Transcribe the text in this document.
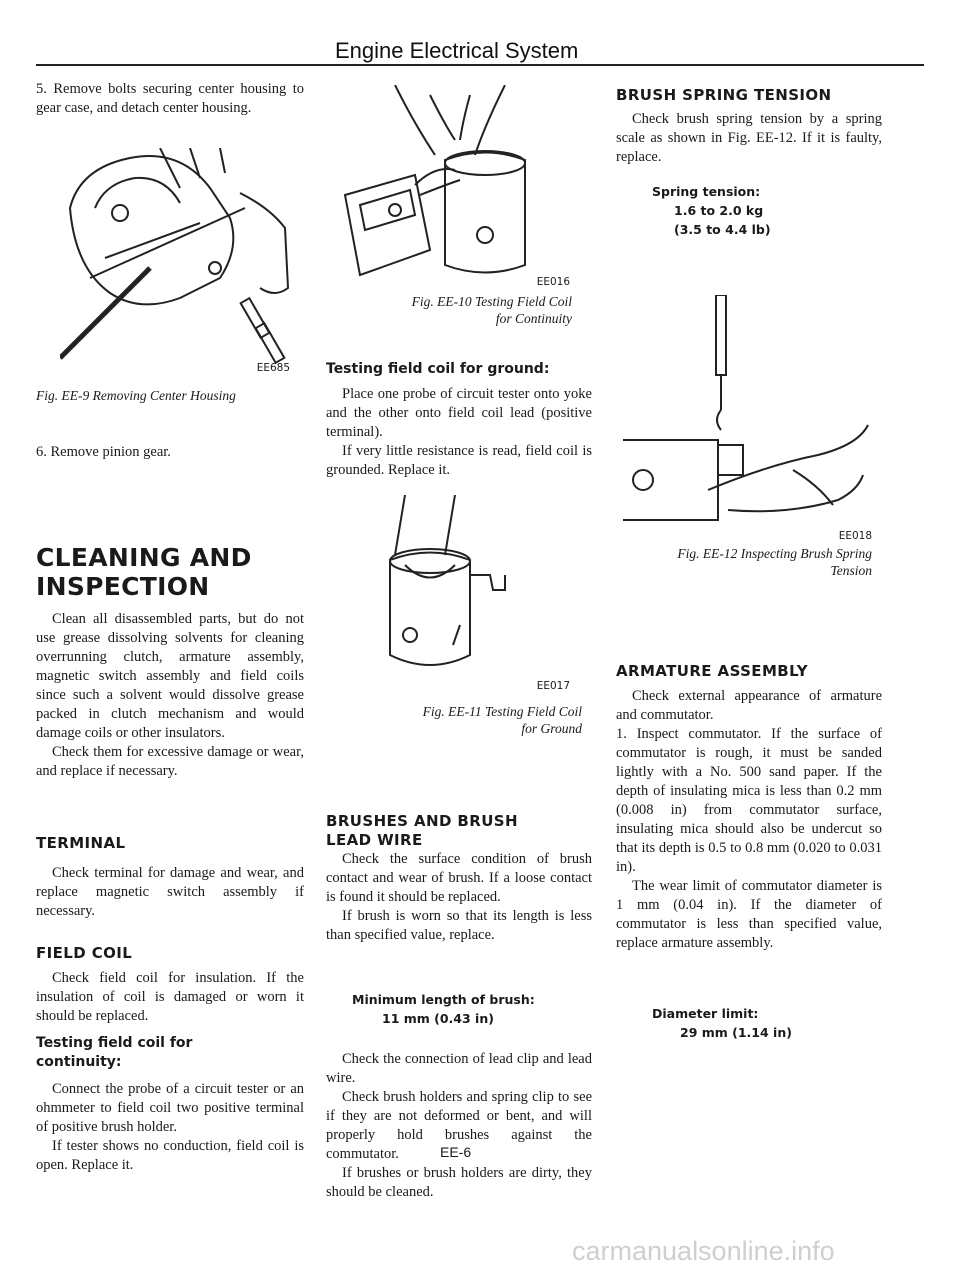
Engine Electrical System

5. Remove bolts securing center housing to gear case, and detach center housing.

EE685
Fig. EE-9 Removing Center Housing

6. Remove pinion gear.

CLEANING AND
INSPECTION

Clean all disassembled parts, but do not use grease dissolving solvents for cleaning overrunning clutch, armature assembly, magnetic switch assembly and field coils since such a solvent would dissolve grease packed in clutch mechanism and would damage coils or other insulators.

Check them for excessive damage or wear, and replace if necessary.

TERMINAL

Check terminal for damage and wear, and replace magnetic switch assembly if necessary.

FIELD COIL

Check field coil for insulation. If the insulation of coil is damaged or worn it should be replaced.

Testing field coil for
continuity:

Connect the probe of a circuit tester or an ohmmeter to field coil two positive terminal of positive brush holder.

If tester shows no conduction, field coil is open. Replace it.

EE016
Fig. EE-10 Testing Field Coil
for Continuity
Testing field coil for ground:

Place one probe of circuit tester onto yoke and the other onto field coil lead (positive terminal).

If very little resistance is read, field coil is grounded. Replace it.

EE017
Fig. EE-11 Testing Field Coil
for Ground
BRUSHES AND BRUSH
LEAD WIRE

Check the surface condition of brush contact and wear of brush. If a loose contact is found it should be replaced.

If brush is worn so that its length is less than specified value, replace.

Minimum length of brush:
11 mm (0.43 in)

Check the connection of lead clip and lead wire.

Check brush holders and spring clip to see if they are not deformed or bent, and will properly hold brushes against the commutator.

If brushes or brush holders are dirty, they should be cleaned.

BRUSH SPRING TENSION

Check brush spring tension by a spring scale as shown in Fig. EE-12. If it is faulty, replace.

Spring tension:
1.6 to 2.0 kg
(3.5 to 4.4 lb)
EE018
Fig. EE-12 Inspecting Brush Spring
Tension
ARMATURE ASSEMBLY

Check external appearance of armature and commutator.

1. Inspect commutator. If the surface of commutator is rough, it must be sanded lightly with a No. 500 sand paper. If the depth of insulating mica is less than 0.2 mm (0.008 in) from commutator surface, insulating mica should also be undercut so that its depth is 0.5 to 0.8 mm (0.020 to 0.031 in).

The wear limit of commutator diameter is 1 mm (0.04 in). If the diameter of commutator is less than specified value, replace armature assembly.

Diameter limit:
29 mm (1.14 in)
EE-6
carmanualsonline.info
